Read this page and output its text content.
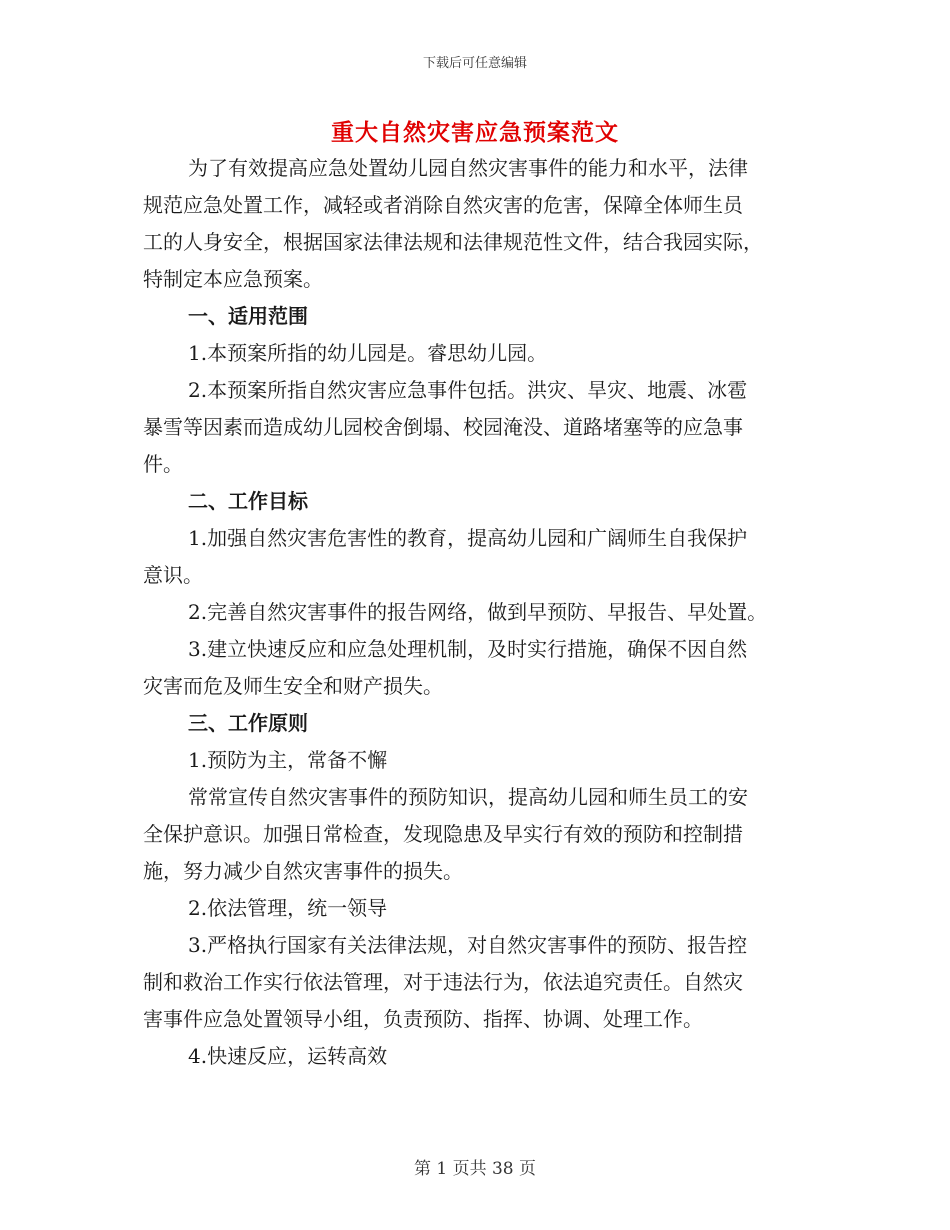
下载后可任意编辑
重大自然灾害应急预案范文
为了有效提高应急处置幼儿园自然灾害事件的能力和水平，法律
规范应急处置工作，减轻或者消除自然灾害的危害，保障全体师生员
工的人身安全，根据国家法律法规和法律规范性文件，结合我园实际，
特制定本应急预案。
一、适用范围
1.本预案所指的幼儿园是。睿思幼儿园。
2.本预案所指自然灾害应急事件包括。洪灾、旱灾、地震、冰雹
暴雪等因素而造成幼儿园校舍倒塌、校园淹没、道路堵塞等的应急事
件。
二、工作目标
1.加强自然灾害危害性的教育，提高幼儿园和广阔师生自我保护
意识。
2.完善自然灾害事件的报告网络，做到早预防、早报告、早处置。
3.建立快速反应和应急处理机制，及时实行措施，确保不因自然
灾害而危及师生安全和财产损失。
三、工作原则
1.预防为主，常备不懈
常常宣传自然灾害事件的预防知识，提高幼儿园和师生员工的安
全保护意识。加强日常检查，发现隐患及早实行有效的预防和控制措
施，努力减少自然灾害事件的损失。
2.依法管理，统一领导
3.严格执行国家有关法律法规，对自然灾害事件的预防、报告控
制和救治工作实行依法管理，对于违法行为，依法追究责任。自然灾
害事件应急处置领导小组，负责预防、指挥、协调、处理工作。
4.快速反应，运转高效
第 1 页共 38 页
